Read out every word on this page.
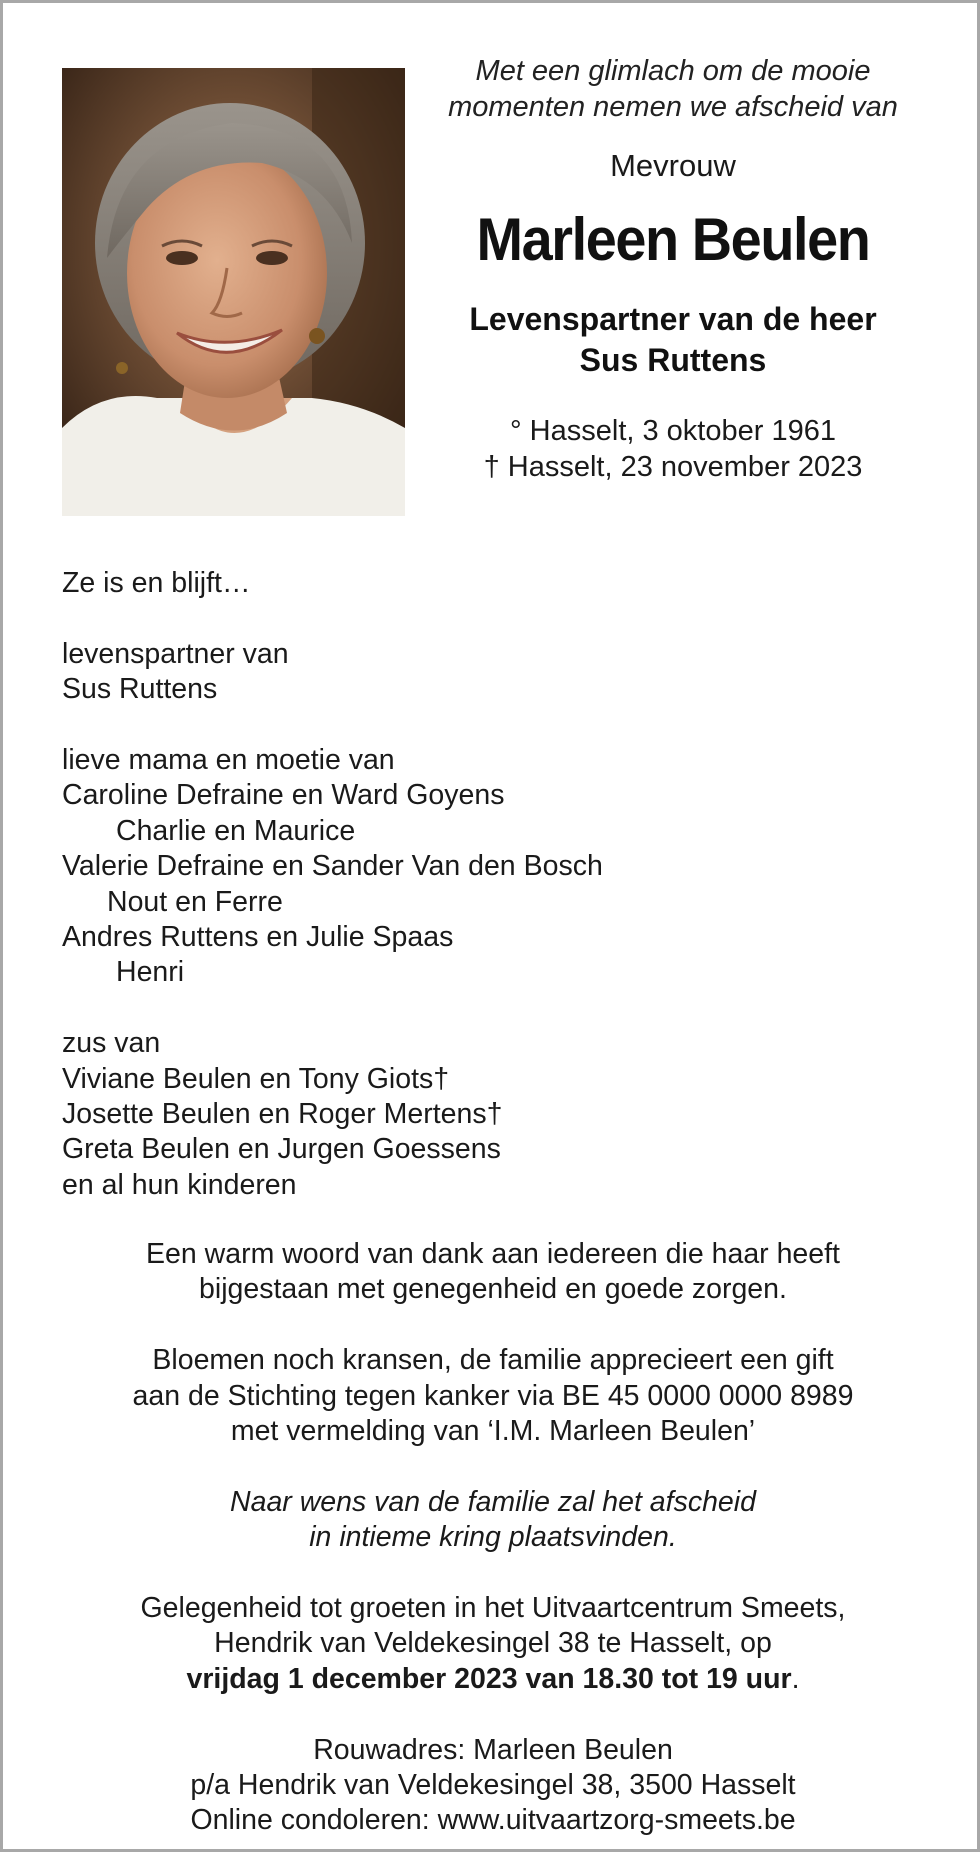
Met een glimlach om de mooie
momenten nemen we afscheid van

Mevrouw
Marleen Beulen
Levenspartner van de heer
Sus Ruttens
° Hasselt, 3 oktober 1961
† Hasselt, 23 november 2023
Ze is en blijft…
levenspartner van
Sus Ruttens
lieve mama en moetie van
Caroline Defraine en Ward Goyens
Charlie en Maurice
Valerie Defraine en Sander Van den Bosch
Nout en Ferre
Andres Ruttens en Julie Spaas
Henri
zus van
Viviane Beulen en Tony Giots†
Josette Beulen en Roger Mertens†
Greta Beulen en Jurgen Goessens
en al hun kinderen
Een warm woord van dank aan iedereen die haar heeft
bijgestaan met genegenheid en goede zorgen.
Bloemen noch kransen, de familie apprecieert een gift
aan de Stichting tegen kanker via BE 45 0000 0000 8989
met vermelding van ‘I.M. Marleen Beulen’
Naar wens van de familie zal het afscheid
in intieme kring plaatsvinden.
Gelegenheid tot groeten in het Uitvaartcentrum Smeets,
Hendrik van Veldekesingel 38 te Hasselt, op
vrijdag 1 december 2023 van 18.30 tot 19 uur.
Rouwadres: Marleen Beulen
p/a Hendrik van Veldekesingel 38, 3500 Hasselt
Online condoleren: www.uitvaartzorg-smeets.be
